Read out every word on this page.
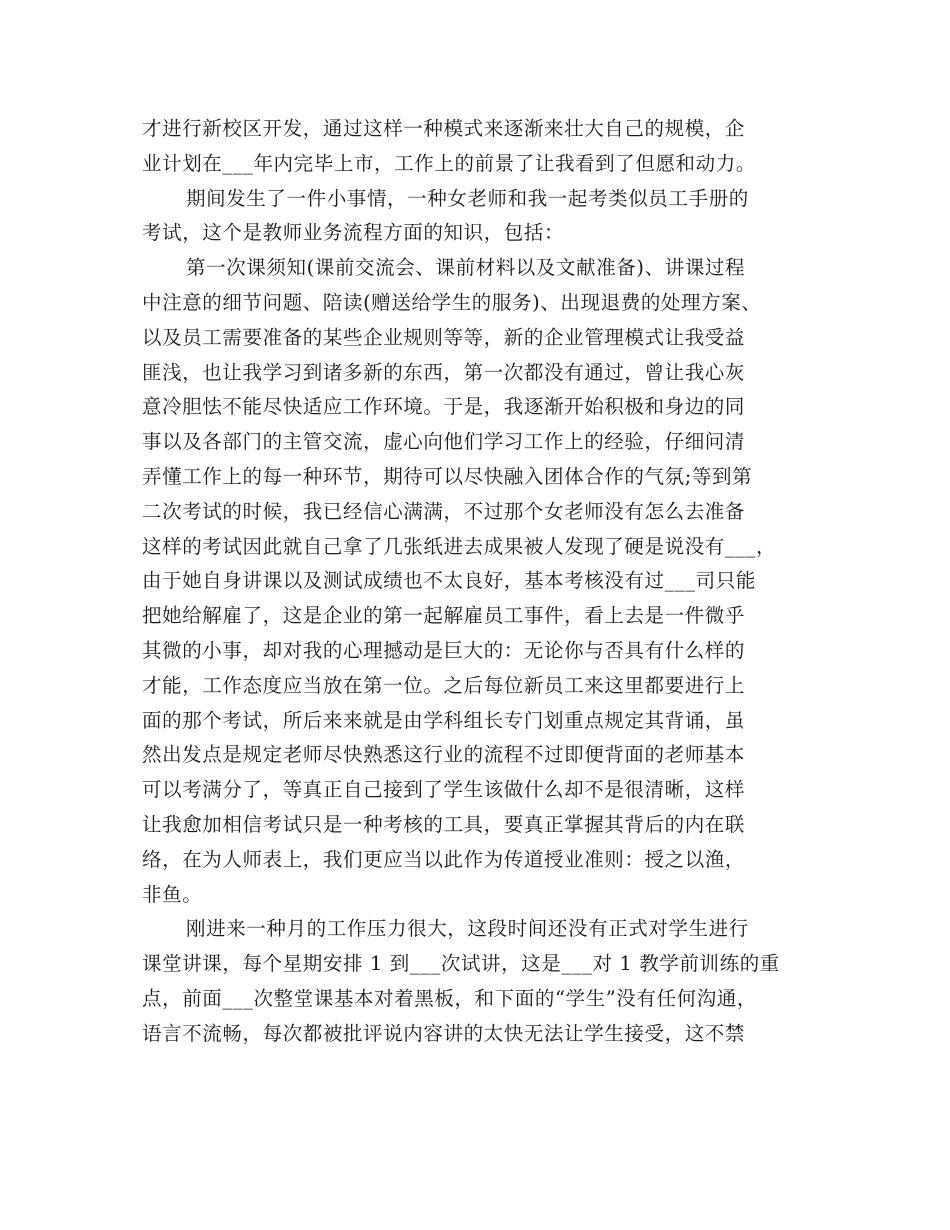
才进行新校区开发，通过这样一种模式来逐渐来壮大自己的规模，企
业计划在___年内完毕上市，工作上的前景了让我看到了但愿和动力。
期间发生了一件小事情，一种女老师和我一起考类似员工手册的
考试，这个是教师业务流程方面的知识，包括：
第一次课须知(课前交流会、课前材料以及文献准备)、讲课过程
中注意的细节问题、陪读(赠送给学生的服务)、出现退费的处理方案、
以及员工需要准备的某些企业规则等等，新的企业管理模式让我受益
匪浅，也让我学习到诸多新的东西，第一次都没有通过，曾让我心灰
意冷胆怯不能尽快适应工作环境。于是，我逐渐开始积极和身边的同
事以及各部门的主管交流，虚心向他们学习工作上的经验，仔细问清
弄懂工作上的每一种环节，期待可以尽快融入团体合作的气氛;等到第
二次考试的时候，我已经信心满满，不过那个女老师没有怎么去准备
这样的考试因此就自己拿了几张纸进去成果被人发现了硬是说没有___，
由于她自身讲课以及测试成绩也不太良好，基本考核没有过___司只能
把她给解雇了，这是企业的第一起解雇员工事件，看上去是一件微乎
其微的小事，却对我的心理撼动是巨大的：无论你与否具有什么样的
才能，工作态度应当放在第一位。之后每位新员工来这里都要进行上
面的那个考试，所后来来就是由学科组长专门划重点规定其背诵，虽
然出发点是规定老师尽快熟悉这行业的流程不过即便背面的老师基本
可以考满分了，等真正自己接到了学生该做什么却不是很清晰，这样
让我愈加相信考试只是一种考核的工具，要真正掌握其背后的内在联
络，在为人师表上，我们更应当以此作为传道授业准则：授之以渔，
非鱼。
刚进来一种月的工作压力很大，这段时间还没有正式对学生进行
课堂讲课，每个星期安排 1 到___次试讲，这是___对 1 教学前训练的重
点，前面___次整堂课基本对着黑板，和下面的“学生”没有任何沟通，
语言不流畅，每次都被批评说内容讲的太快无法让学生接受，这不禁
